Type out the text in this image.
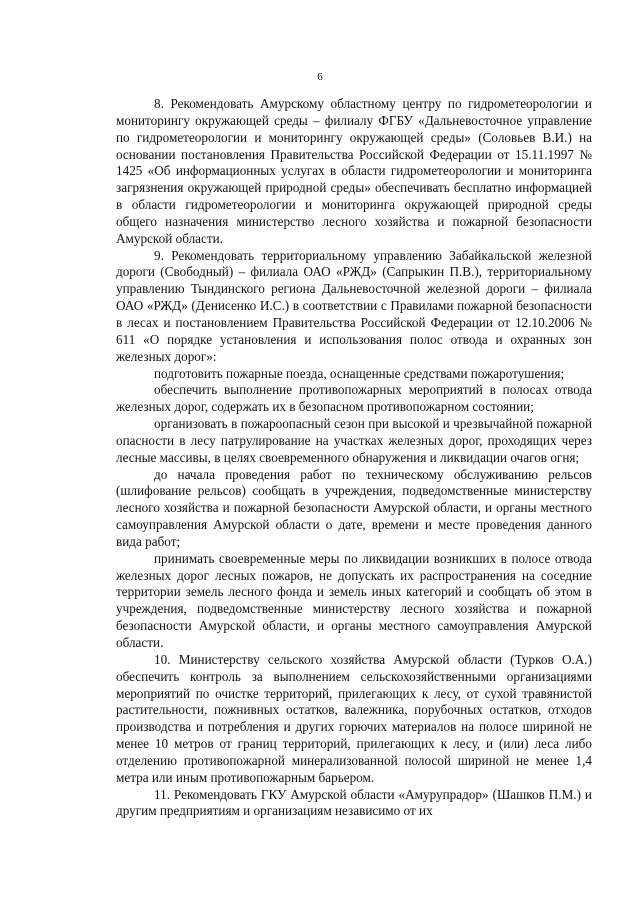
6

8. Рекомендовать Амурскому областному центру по гидрометеорологии и мониторингу окружающей среды – филиалу ФГБУ «Дальневосточное управление по гидрометеорологии и мониторингу окружающей среды» (Соловьев В.И.) на основании постановления Правительства Российской Федерации от 15.11.1997 № 1425 «Об информационных услугах в области гидрометеорологии и мониторинга загрязнения окружающей природной среды» обеспечивать бесплатно информацией в области гидрометеорологии и мониторинга окружающей природной среды общего назначения министерство лесного хозяйства и пожарной безопасности Амурской области.

9. Рекомендовать территориальному управлению Забайкальской железной дороги (Свободный) – филиала ОАО «РЖД» (Сапрыкин П.В.), территориальному управлению Тындинского региона Дальневосточной железной дороги – филиала ОАО «РЖД» (Денисенко И.С.) в соответствии с Правилами пожарной безопасности в лесах и постановлением Правительства Российской Федерации от 12.10.2006 № 611 «О порядке установления и использования полос отвода и охранных зон железных дорог»:

подготовить пожарные поезда, оснащенные средствами пожаротушения;

обеспечить выполнение противопожарных мероприятий в полосах отвода железных дорог, содержать их в безопасном противопожарном состоянии;

организовать в пожароопасный сезон при высокой и чрезвычайной пожарной опасности в лесу патрулирование на участках железных дорог, проходящих через лесные массивы, в целях своевременного обнаружения и ликвидации очагов огня;

до начала проведения работ по техническому обслуживанию рельсов (шлифование рельсов) сообщать в учреждения, подведомственные министерству лесного хозяйства и пожарной безопасности Амурской области, и органы местного самоуправления Амурской области о дате, времени и месте проведения данного вида работ;

принимать своевременные меры по ликвидации возникших в полосе отвода железных дорог лесных пожаров, не допускать их распространения на соседние территории земель лесного фонда и земель иных категорий и сообщать об этом в учреждения, подведомственные министерству лесного хозяйства и пожарной безопасности Амурской области, и органы местного самоуправления Амурской области.

10. Министерству сельского хозяйства Амурской области (Турков О.А.) обеспечить контроль за выполнением сельскохозяйственными организациями мероприятий по очистке территорий, прилегающих к лесу, от сухой травянистой растительности, пожнивных остатков, валежника, порубочных остатков, отходов производства и потребления и других горючих материалов на полосе шириной не менее 10 метров от границ территорий, прилегающих к лесу, и (или) леса либо отделению противопожарной минерализованной полосой шириной не менее 1,4 метра или иным противопожарным барьером.

11. Рекомендовать ГКУ Амурской области «Амурупрадор» (Шашков П.М.) и другим предприятиям и организациям независимо от их
